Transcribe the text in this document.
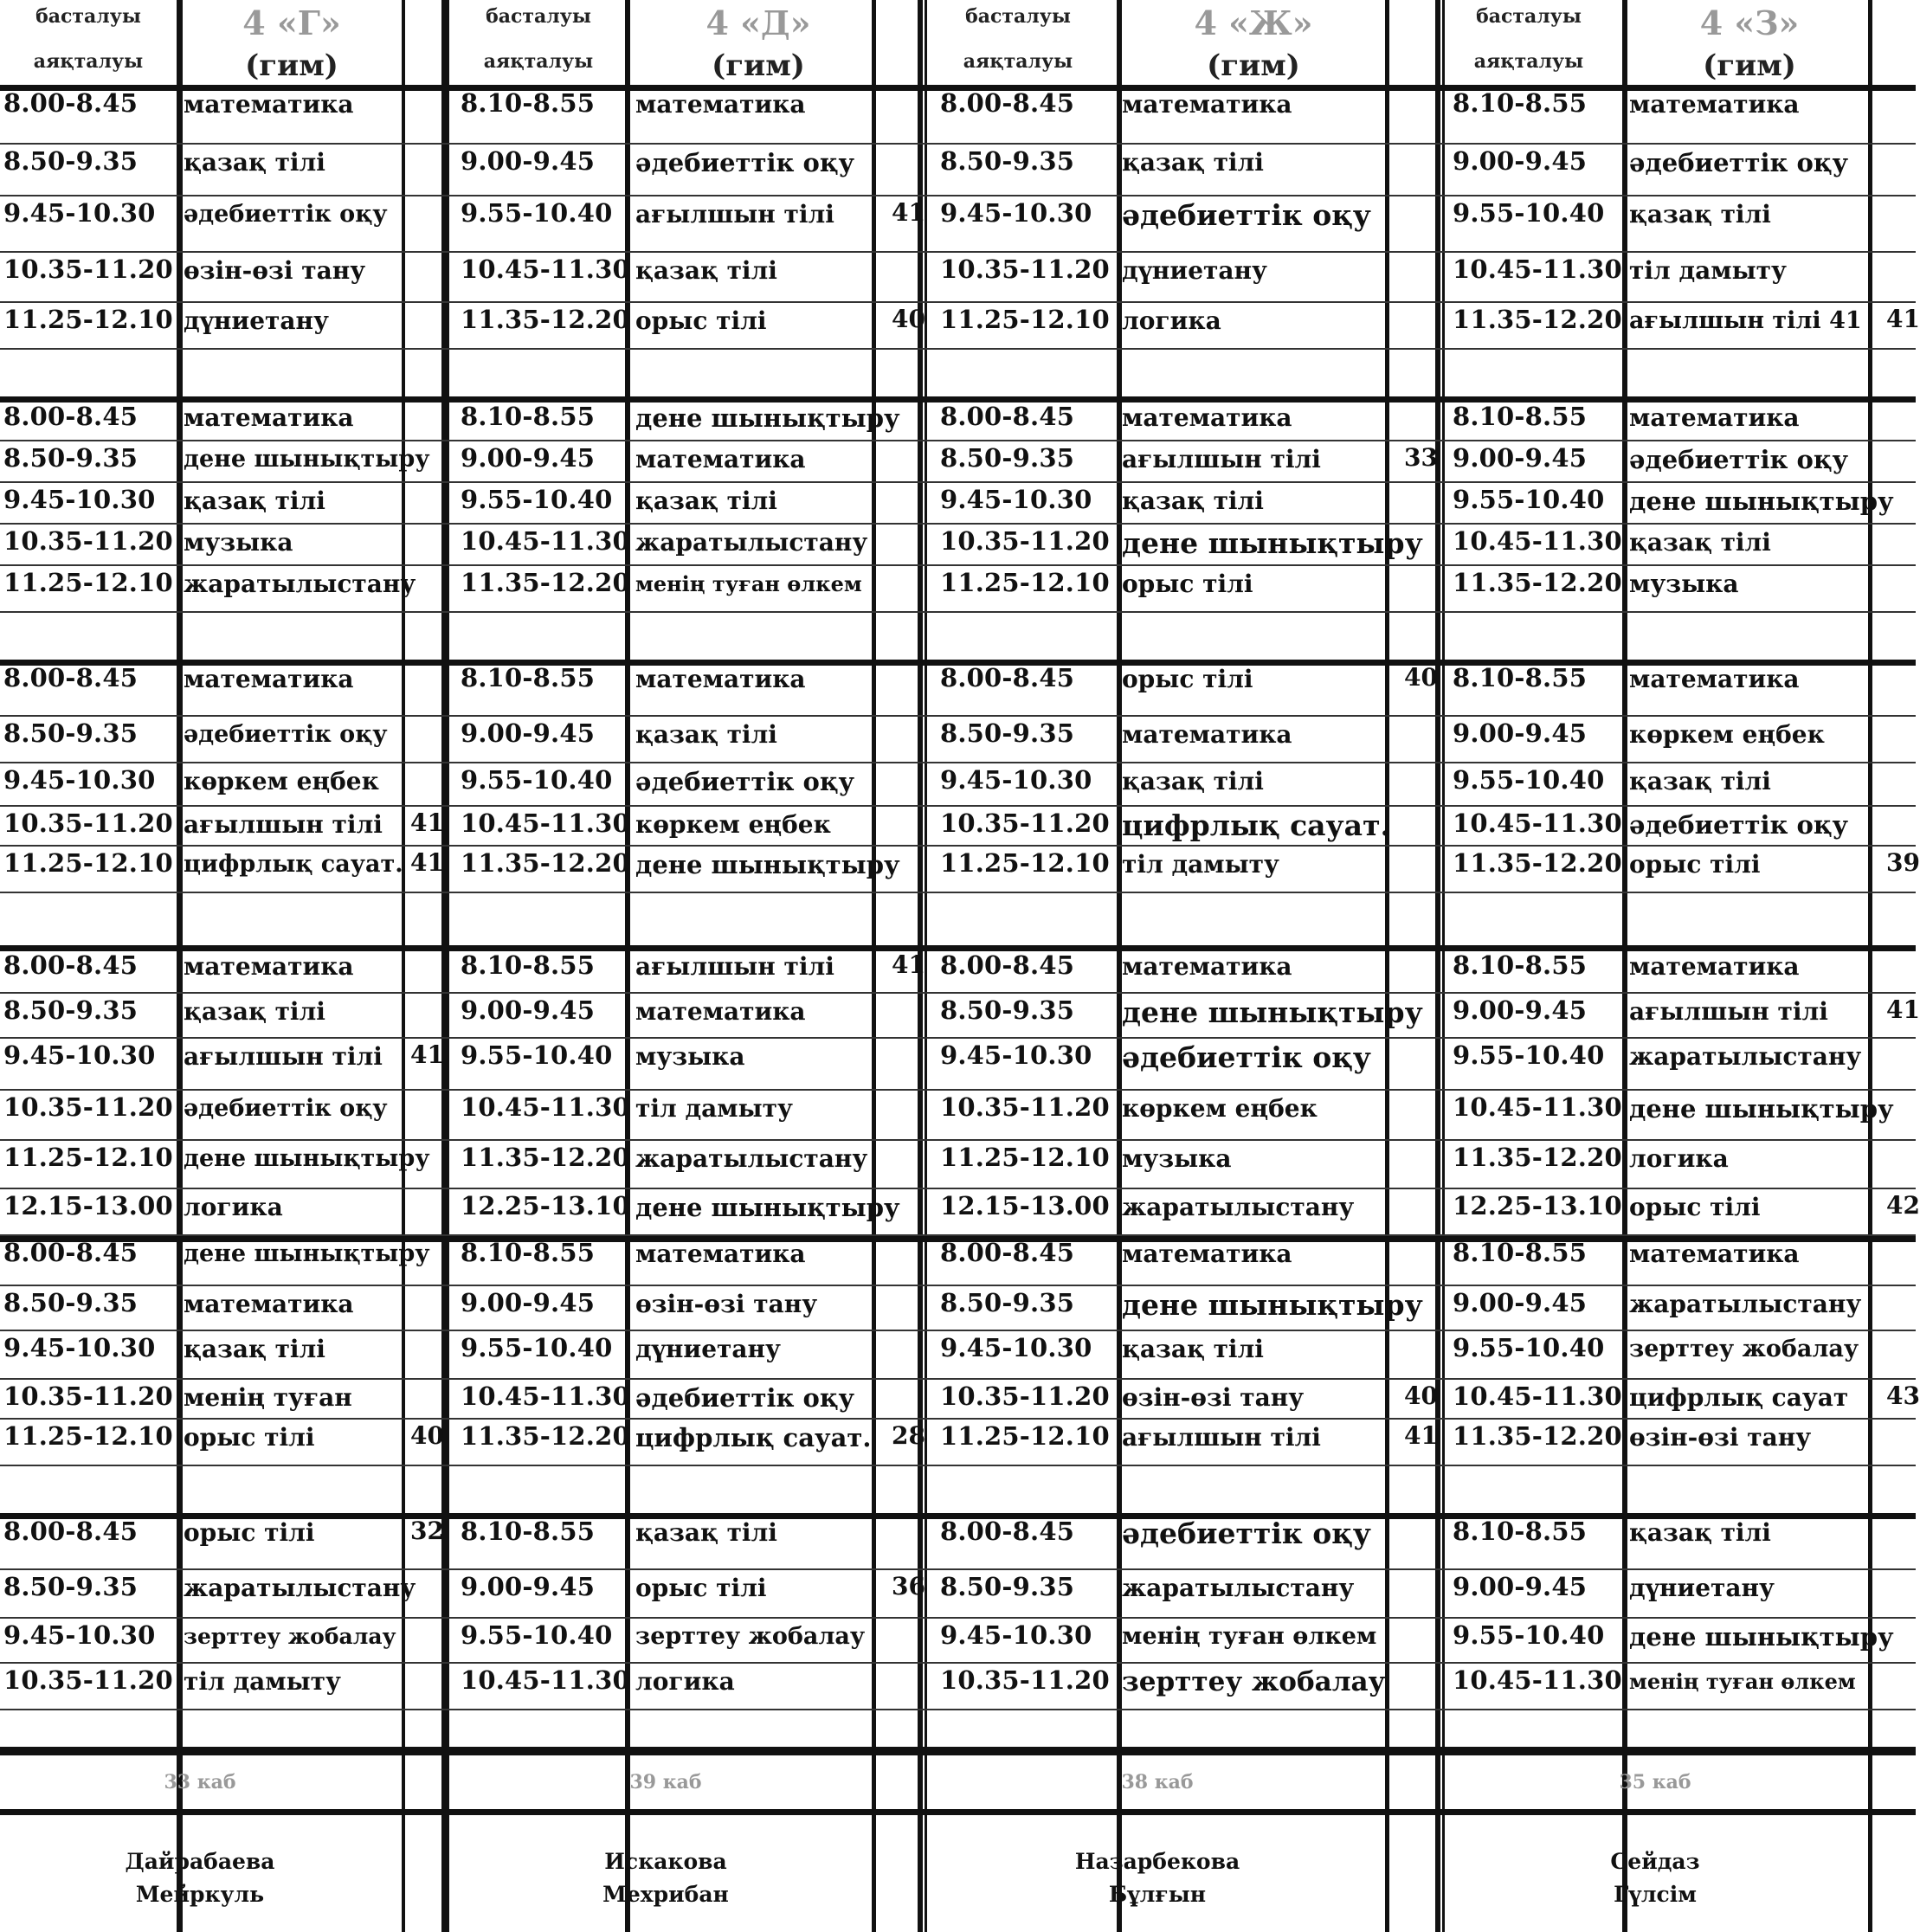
басталуы
аяқталуы
4 «Г»
(гим)
басталуы
аяқталуы
4 «Д»
(гим)
басталуы
аяқталуы
4 «Ж»
(гим)
басталуы
аяқталуы
4 «З»
(гим)
8.00-8.45 математика
8.50-9.35 қазақ тілі
9.45-10.30 әдебиеттік оқу
10.35-11.20 өзін-өзі тану
11.25-12.10 дүниетану
8.00-8.45 математика
8.50-9.35 дене шынықтыру
9.45-10.30 қазақ тілі
10.35-11.20 музыка
11.25-12.10 жаратылыстану
8.00-8.45 математика
8.50-9.35 әдебиеттік оқу
9.45-10.30 көркем еңбек
10.35-11.20 ағылшын тілі 41
11.25-12.10 цифрлық сауат. 41
8.00-8.45 математика
8.50-9.35 қазақ тілі
9.45-10.30 ағылшын тілі 41
10.35-11.20 әдебиеттік оқу
11.25-12.10 дене шынықтыру
12.15-13.00 логика
8.00-8.45 дене шынықтыру
8.50-9.35 математика
9.45-10.30 қазақ тілі
10.35-11.20 менің туған
11.25-12.10 орыс тілі	40
8.00-8.45 орыс тілі	32
8.50-9.35 жаратылыстану
9.45-10.30 зерттеу жобалау
10.35-11.20 тіл дамыту
33 каб
Дайрабаева
Мейркуль
8.10-8.55 математика
9.00-9.45 әдебиеттік оқу
9.55-10.40 ағылшын тілі 41
10.45-11.30 қазақ тілі
11.35-12.20 орыс тілі	40
8.10-8.55 дене шынықтыру
9.00-9.45 математика
9.55-10.40 қазақ тілі
10.45-11.30 жаратылыстану
11.35-12.20 менің туған өлкем
8.10-8.55 математика
9.00-9.45 қазақ тілі
9.55-10.40 әдебиеттік оқу
10.45-11.30 көркем еңбек
11.35-12.20 дене шынықтыру
8.10-8.55 ағылшын тілі 41
9.00-9.45 математика
9.55-10.40 музыка
10.45-11.30 тіл дамыту
11.35-12.20 жаратылыстану
12.25-13.10 дене шынықтыру
8.10-8.55 математика
9.00-9.45 өзін-өзі тану
9.55-10.40 дүниетану
10.45-11.30 әдебиеттік оқу
11.35-12.20 цифрлық сауат. 28
8.10-8.55 қазақ тілі
9.00-9.45 орыс тілі	36
9.55-10.40 зерттеу жобалау
10.45-11.30 логика
39 каб
Искакова
Мехрибан
8.00-8.45 математика
8.50-9.35 қазақ тілі
9.45-10.30 әдебиеттік оқу
10.35-11.20 дүниетану
11.25-12.10 логика
8.00-8.45 математика
8.50-9.35 ағылшын тілі	33
9.45-10.30 қазақ тілі
10.35-11.20 дене шынықтыру
11.25-12.10 орыс тілі
8.00-8.45 орыс тілі	40
8.50-9.35 математика
9.45-10.30 қазақ тілі
10.35-11.20 цифрлық сауат.
11.25-12.10 тіл дамыту
8.00-8.45 математика
8.50-9.35 дене шынықтыру
9.45-10.30 әдебиеттік оқу
10.35-11.20 көркем еңбек
11.25-12.10 музыка
12.15-13.00 жаратылыстану
8.00-8.45 математика
8.50-9.35 дене шынықтыру
9.45-10.30 қазақ тілі
10.35-11.20 өзін-өзі тану	40
11.25-12.10 ағылшын тілі	41
8.00-8.45 әдебиеттік оқу
8.50-9.35 жаратылыстану
9.45-10.30 менің туған өлкем
10.35-11.20 зерттеу жобалау
38 каб
Назарбекова
Бұлғын
8.10-8.55 математика
9.00-9.45 әдебиеттік оқу
9.55-10.40 қазақ тілі
10.45-11.30 тіл дамыту
11.35-12.20 ағылшын тілі 41 41
8.10-8.55 математика
9.00-9.45 әдебиеттік оқу
9.55-10.40 дене шынықтыру
10.45-11.30 қазақ тілі
11.35-12.20 музыка
8.10-8.55 математика
9.00-9.45 көркем еңбек
9.55-10.40 қазақ тілі
10.45-11.30 әдебиеттік оқу
11.35-12.20 орыс тілі	39
8.10-8.55 математика
9.00-9.45 ағылшын тілі 41
9.55-10.40 жаратылыстану
10.45-11.30 дене шынықтыру
11.35-12.20 логика
12.25-13.10 орыс тілі	42
8.10-8.55 математика
9.00-9.45 жаратылыстану
9.55-10.40 зерттеу жобалау
10.45-11.30 цифрлық сауат 43
11.35-12.20 өзін-өзі тану
8.10-8.55 қазақ тілі
9.00-9.45 дүниетану
9.55-10.40 дене шынықтыру
10.45-11.30 менің туған өлкем
35 каб
Сейдаз
Гүлсім
